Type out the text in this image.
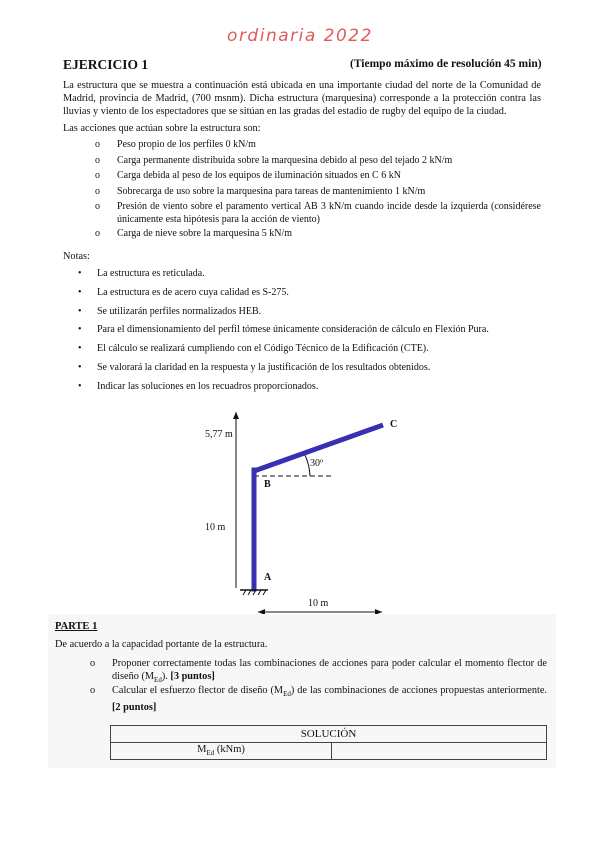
ordinaria 2022
EJERCICIO 1	(Tiempo máximo de resolución 45 min)
La estructura que se muestra a continuación está ubicada en una importante ciudad del norte de la Comunidad de Madrid, provincia de Madrid, (700 msnm). Dicha estructura (marquesina) corresponde a la protección contra las lluvias y viento de los espectadores que se sitúan en las gradas del estadio de rugby del equipo de la ciudad.
Las acciones que actúan sobre la estructura son:
o Peso propio de los perfiles 0 kN/m
o Carga permanente distribuida sobre la marquesina debido al peso del tejado 2 kN/m
o Carga debida al peso de los equipos de iluminación situados en C 6 kN
o Sobrecarga de uso sobre la marquesina para tareas de mantenimiento 1 kN/m
o Presión de viento sobre el paramento vertical AB 3 kN/m cuando incide desde la izquierda (considérese únicamente esta hipótesis para la acción de viento)
o Carga de nieve sobre la marquesina 5 kN/m
Notas:
• La estructura es reticulada.
• La estructura es de acero cuya calidad es S-275.
• Se utilizarán perfiles normalizados HEB.
• Para el dimensionamiento del perfil tómese únicamente consideración de cálculo en Flexión Pura.
• El cálculo se realizará cumpliendo con el Código Técnico de la Edificación (CTE).
• Se valorará la claridad en la respuesta y la justificación de los resultados obtenidos.
• Indicar las soluciones en los recuadros proporcionados.
5,77 m
10 m
10 m
30º
A
B
C
PARTE 1
De acuerdo a la capacidad portante de la estructura.
o Proponer correctamente todas las combinaciones de acciones para poder calcular el momento flector de diseño $(M_{Ed})$. [3 puntos]
o Calcular el esfuerzo flector de diseño $(M_{Ed})$ de las combinaciones de acciones propuestas anteriormente. [2 puntos]
SOLUCIÓN
$M_{Ed}$ (kNm)	
